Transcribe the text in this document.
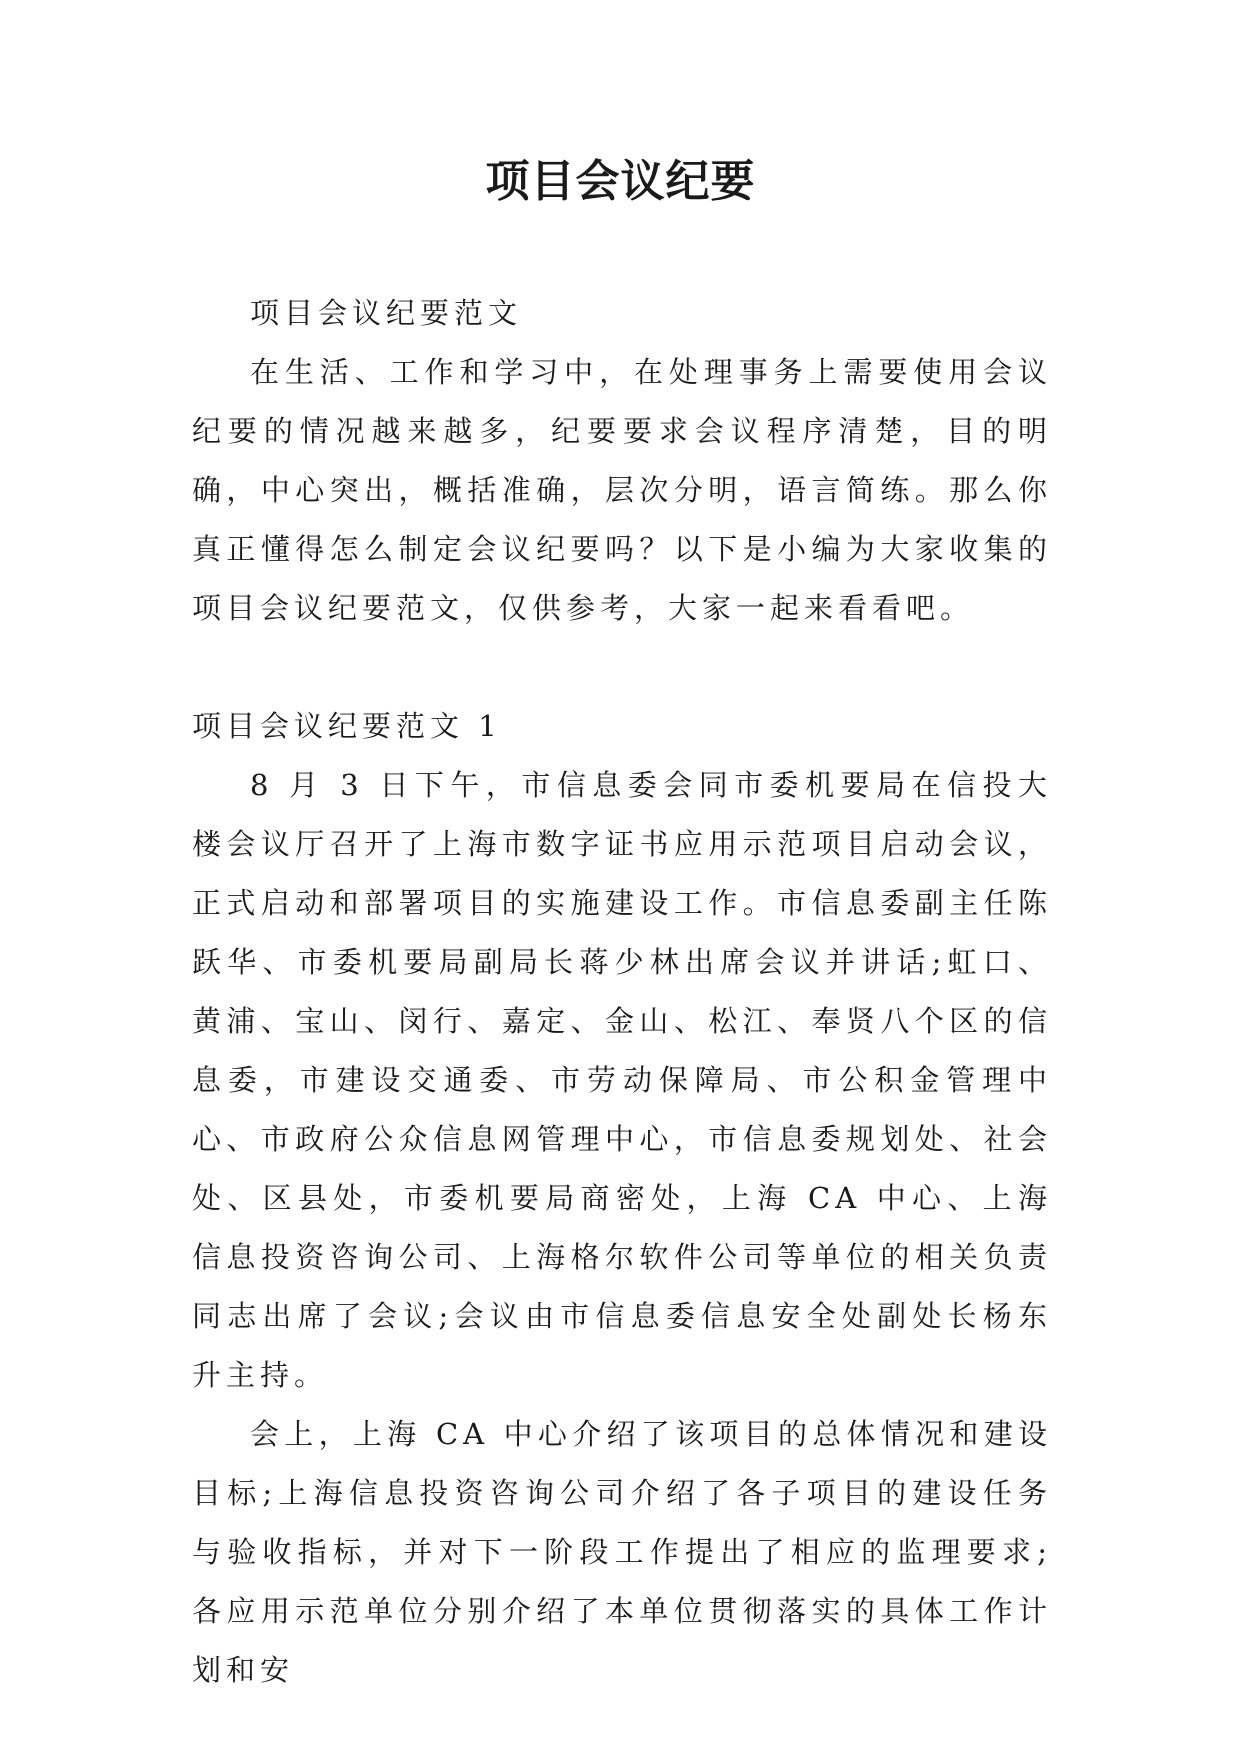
项目会议纪要

项目会议纪要范文

在生活、工作和学习中，在处理事务上需要使用会议纪要的情况越来越多，纪要要求会议程序清楚，目的明确，中心突出，概括准确，层次分明，语言简练。那么你真正懂得怎么制定会议纪要吗？以下是小编为大家收集的项目会议纪要范文，仅供参考，大家一起来看看吧。

项目会议纪要范文 1

8 月 3 日下午，市信息委会同市委机要局在信投大楼会议厅召开了上海市数字证书应用示范项目启动会议，正式启动和部署项目的实施建设工作。市信息委副主任陈跃华、市委机要局副局长蒋少林出席会议并讲话;虹口、黄浦、宝山、闵行、嘉定、金山、松江、奉贤八个区的信息委，市建设交通委、市劳动保障局、市公积金管理中心、市政府公众信息网管理中心，市信息委规划处、社会处、区县处，市委机要局商密处，上海 CA 中心、上海信息投资咨询公司、上海格尔软件公司等单位的相关负责同志出席了会议;会议由市信息委信息安全处副处长杨东升主持。

会上，上海 CA 中心介绍了该项目的总体情况和建设目标;上海信息投资咨询公司介绍了各子项目的建设任务与验收指标，并对下一阶段工作提出了相应的监理要求;各应用示范单位分别介绍了本单位贯彻落实的具体工作计划和安
